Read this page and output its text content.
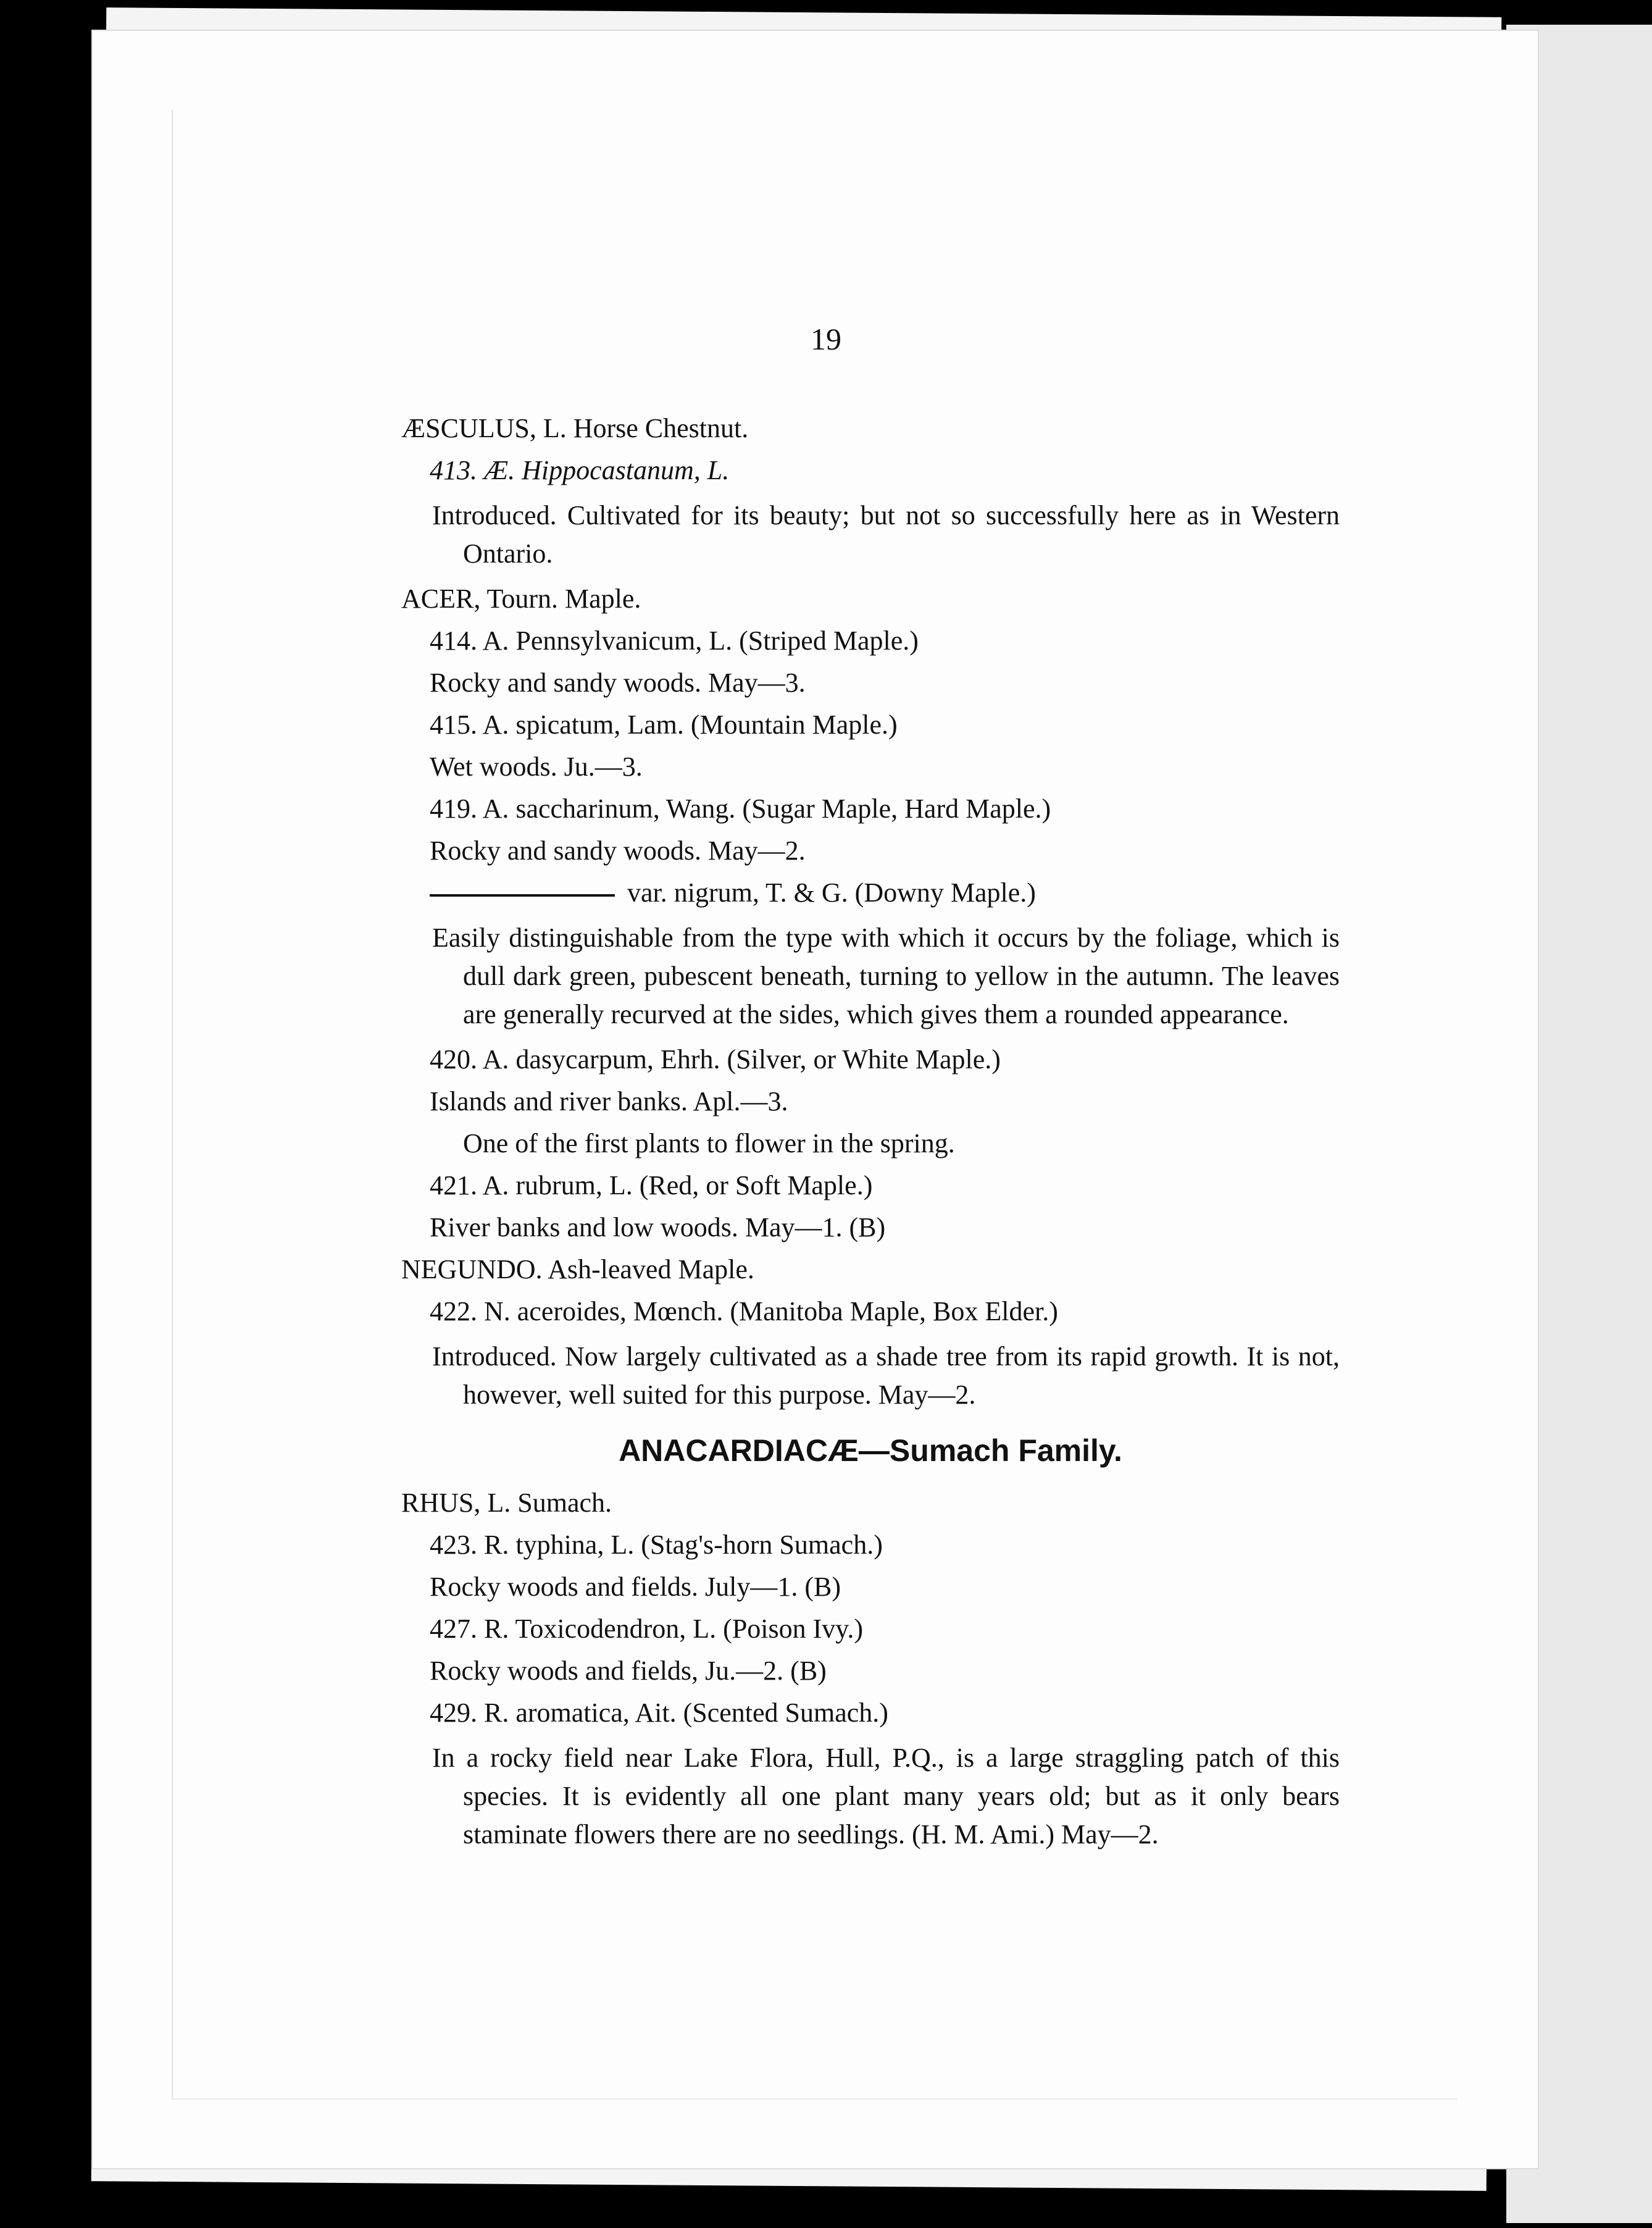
19
ÆSCULUS, L. Horse Chestnut.
413. Æ. Hippocastanum, L.
Introduced. Cultivated for its beauty; but not so successfully here as in Western Ontario.
ACER, Tourn. Maple.
414. A. Pennsylvanicum, L. (Striped Maple.)
Rocky and sandy woods. May—3.
415. A. spicatum, Lam. (Mountain Maple.)
Wet woods. Ju.—3.
419. A. saccharinum, Wang. (Sugar Maple, Hard Maple.)
Rocky and sandy woods. May—2.
var. nigrum, T. & G. (Downy Maple.)
Easily distinguishable from the type with which it occurs by the foliage, which is dull dark green, pubescent beneath, turning to yellow in the autumn. The leaves are generally recurved at the sides, which gives them a rounded appearance.
420. A. dasycarpum, Ehrh. (Silver, or White Maple.)
Islands and river banks. Apl.—3.
One of the first plants to flower in the spring.
421. A. rubrum, L. (Red, or Soft Maple.)
River banks and low woods. May—1. (B)
NEGUNDO. Ash-leaved Maple.
422. N. aceroides, Mœnch. (Manitoba Maple, Box Elder.)
Introduced. Now largely cultivated as a shade tree from its rapid growth. It is not, however, well suited for this purpose. May—2.
ANACARDIACÆ—Sumach Family.
RHUS, L. Sumach.
423. R. typhina, L. (Stag's-horn Sumach.)
Rocky woods and fields. July—1. (B)
427. R. Toxicodendron, L. (Poison Ivy.)
Rocky woods and fields, Ju.—2. (B)
429. R. aromatica, Ait. (Scented Sumach.)
In a rocky field near Lake Flora, Hull, P.Q., is a large straggling patch of this species. It is evidently all one plant many years old; but as it only bears staminate flowers there are no seedlings. (H. M. Ami.) May—2.
